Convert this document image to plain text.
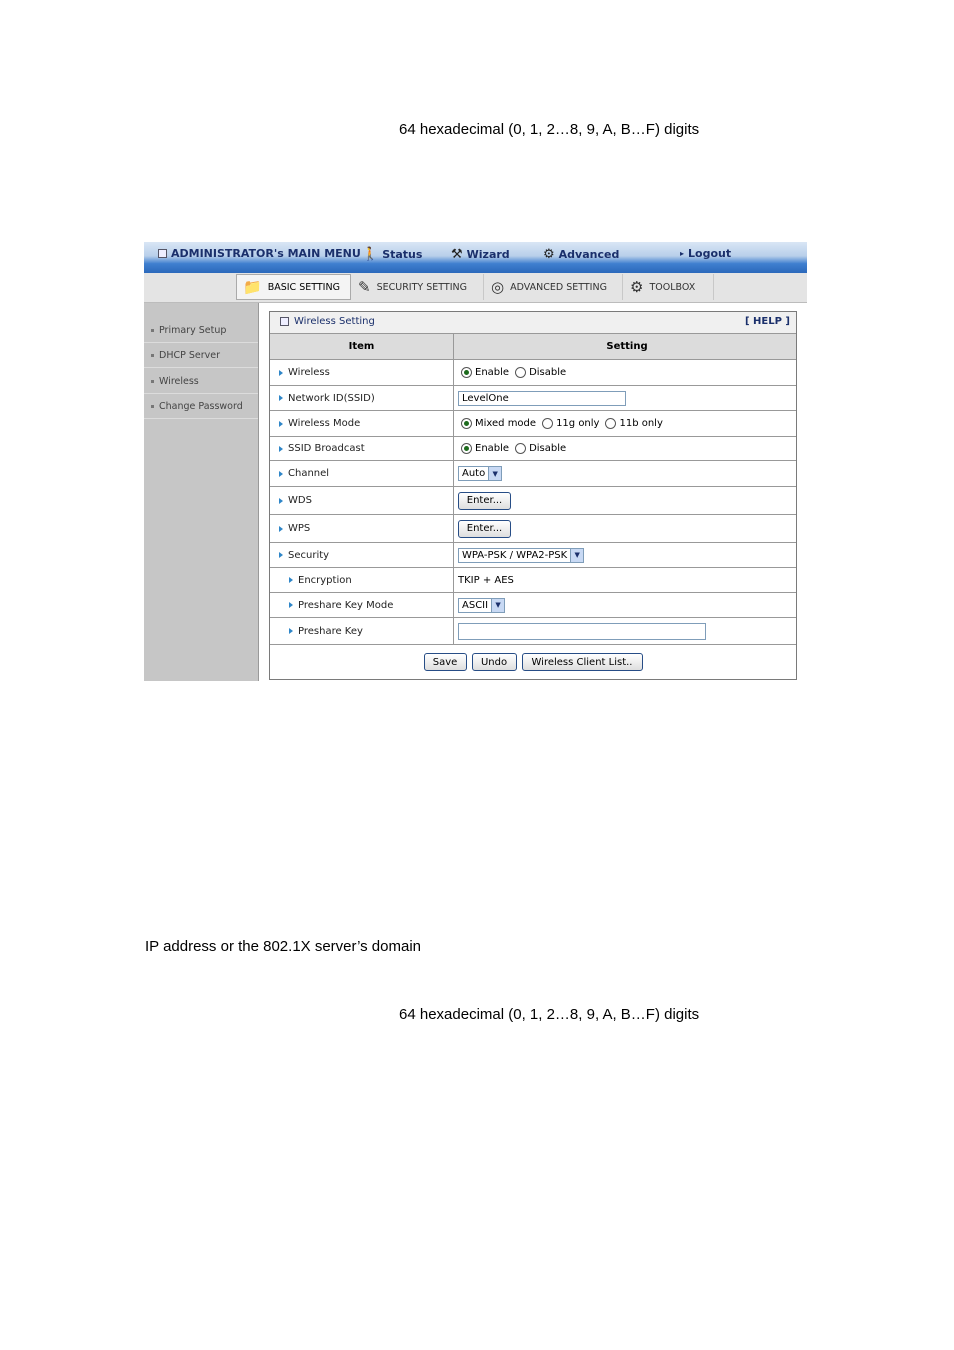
64 hexadecimal (0, 1, 2…8, 9, A, B…F) digits
IP address or the 802.1X server’s domain
64 hexadecimal (0, 1, 2…8, 9, A, B…F) digits
ADMINISTRATOR's MAIN MENU 🚶 Status ⚒ Wizard	⚙ Advanced	▸ Logout
📁 BASIC SETTING ✎ SECURITY SETTING ◎ ADVANCED SETTING ⚙ TOOLBOX
Primary Setup
DHCP Server
Wireless
Change Password
Wireless Setting	[ HELP ]
Item	Setting
Wireless	Enable Disable
Network ID(SSID)	LevelOne
Wireless Mode	Mixed mode 11g only 11b only
SSID Broadcast	Enable Disable
Channel	Auto	▼
WDS	Enter...
WPS	Enter...
Security	WPA-PSK / WPA2-PSK	▼
Encryption	TKIP + AES
Preshare Key Mode	ASCII	▼
Preshare Key
Save	Undo	Wireless Client List..
